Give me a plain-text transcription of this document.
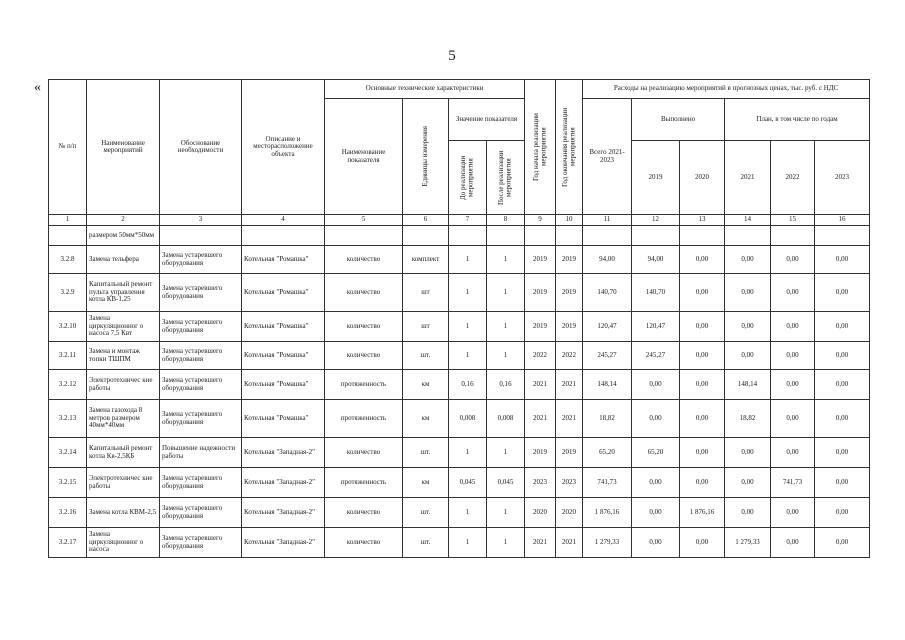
5
«
№ п/п	Наименование мероприятий	Обоснование необходимости	Описание и месторасположение объекта	Основные технические характеристики				Год начала реализации мероприятия	Год окончания реализации мероприятия	Расходы на реализацию мероприятий в прогнозных ценах, тыс. руб. с НДС					
				Наименование показателя	Единицы измерения	Значение показателя				Всего 2021-2023	Выполнено		План, в том числе по годам		

						До реализации мероприятия	После реализации мероприятия				2019	2020	2021	2022	2023
1	2	3	4	5	6	7	8	9	10	11	12	13	14	15	16
	размером 50мм*50мм														
3.2.8	Замена тельфера	Замена устаревшего оборудования	Котельная "Ромашка"	количество	комплект	1	1	2019	2019	94,00	94,00	0,00	0,00	0,00	0,00
3.2.9	Капитальный ремонт пульта управления котла КВ-1,25	Замена устаревшего оборудования	Котельная "Ромашка"	количество	шт	1	1	2019	2019	140,70	140,70	0,00	0,00	0,00	0,00
3.2.10	Замена циркуляционног о насоса 7,5 Квт	Замена устаревшего оборудования	Котельная "Ромашка"	количество	шт	1	1	2019	2019	120,47	120,47	0,00	0,00	0,00	0,00
3.2.11	Замена и монтаж топки ТШПМ	Замена устаревшего оборудования	Котельная "Ромашка"	количество	шт.	1	1	2022	2022	245,27	245,27	0,00	0,00	0,00	0,00
3.2.12	Электротехничес кие работы	Замена устаревшего оборудования	Котельная "Ромашка"	протяженность	км	0,16	0,16	2021	2021	148,14	0,00	0,00	148,14	0,00	0,00
3.2.13	Замена газохода 8 метров размером 40мм*40мм	Замена устаревшего оборудования	Котельная "Ромашка"	протяженность	км	0,008	0,008	2021	2021	18,82	0,00	0,00	18,82	0,00	0,00
3.2.14	Капитальный ремонт котла Кв-2,5КБ	Повышение надежности работы	Котельная "Западная-2"	количество	шт.	1	1	2019	2019	65,20	65,20	0,00	0,00	0,00	0,00
3.2.15	Электротехничес кие работы	Замена устаревшего оборудования	Котельная "Западная-2"	протяженность	км	0,045	0,045	2023	2023	741,73	0,00	0,00	0,00	741,73	0,00
3.2.16	Замена котла КВМ-2,5	Замена устаревшего оборудования	Котельная "Западная-2"	количество	шт.	1	1	2020	2020	1 876,16	0,00	1 876,16	0,00	0,00	0,00
3.2.17	Замена циркуляционног о насоса	Замена устаревшего оборудования	Котельная "Западная-2"	количество	шт.	1	1	2021	2021	1 279,33	0,00	0,00	1 279,33	0,00	0,00
